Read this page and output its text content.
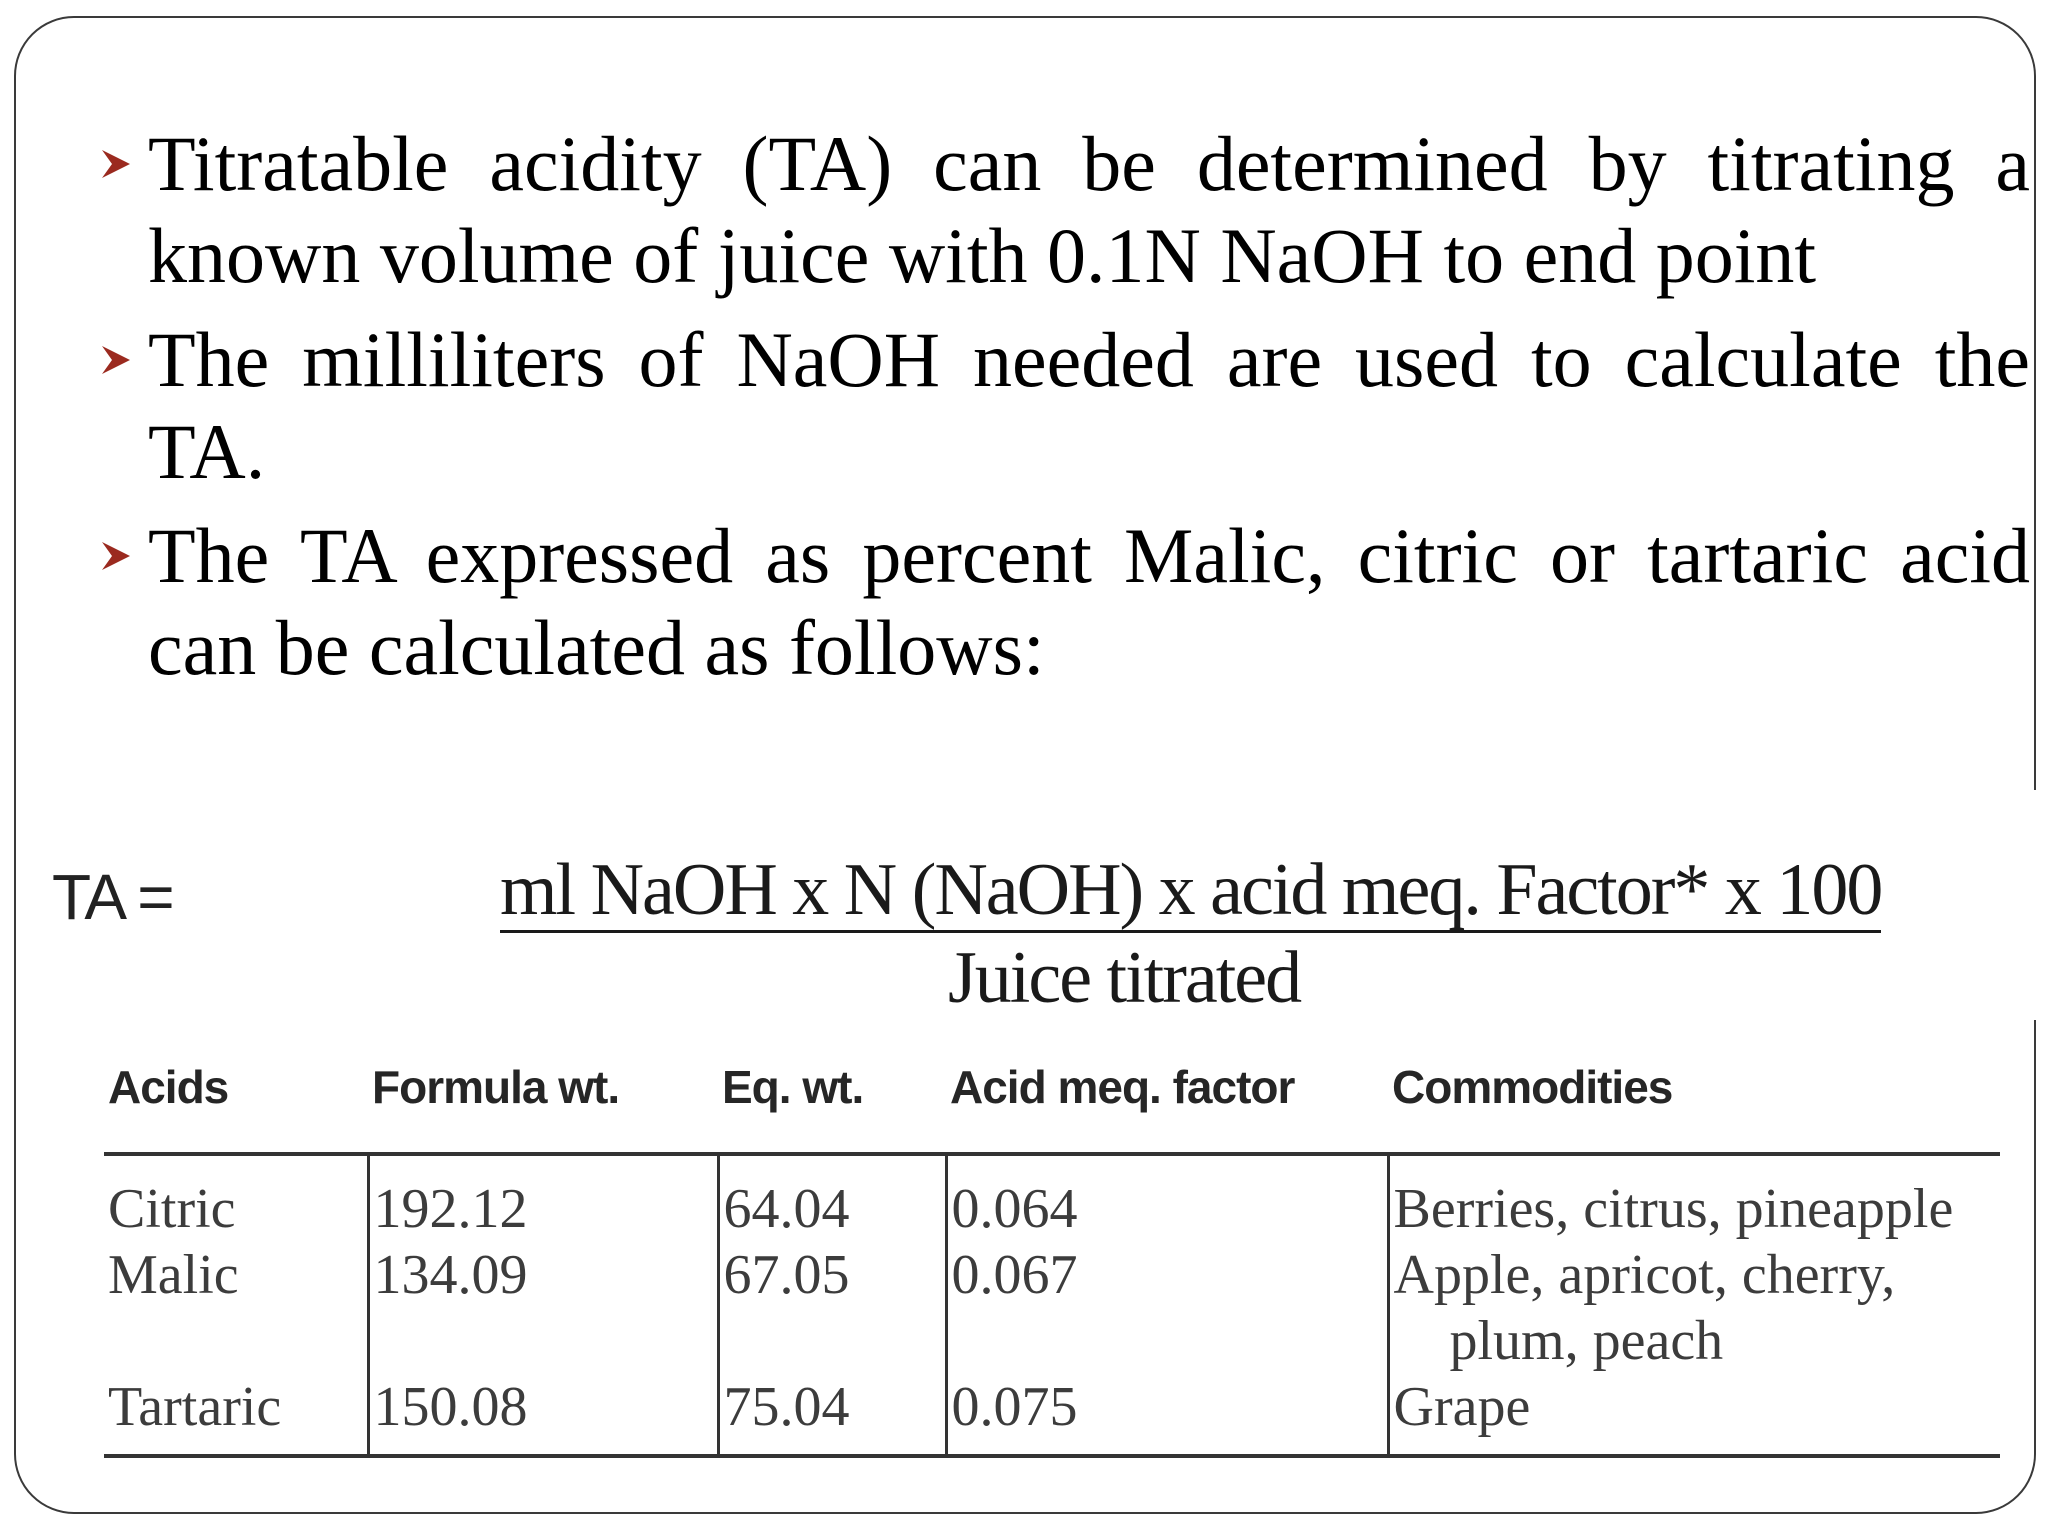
Titratable acidity (TA) can be determined by titrating a known volume of juice with 0.1N NaOH to end point
The milliliters of NaOH needed are used to calculate the TA.
The TA expressed as percent Malic, citric or tartaric acid can be calculated as follows:
TA =	ml NaOH x N (NaOH) x acid meq. Factor* x 100
Juice titrated
Acids	Formula wt.	Eq. wt.	Acid meq. factor	Commodities
Citric	192.12	64.04	0.064	Berries, citrus, pineapple
Malic	134.09	67.05	0.067	Apple, apricot, cherry,
plum, peach

Tartaric	150.08	75.04	0.075	Grape
